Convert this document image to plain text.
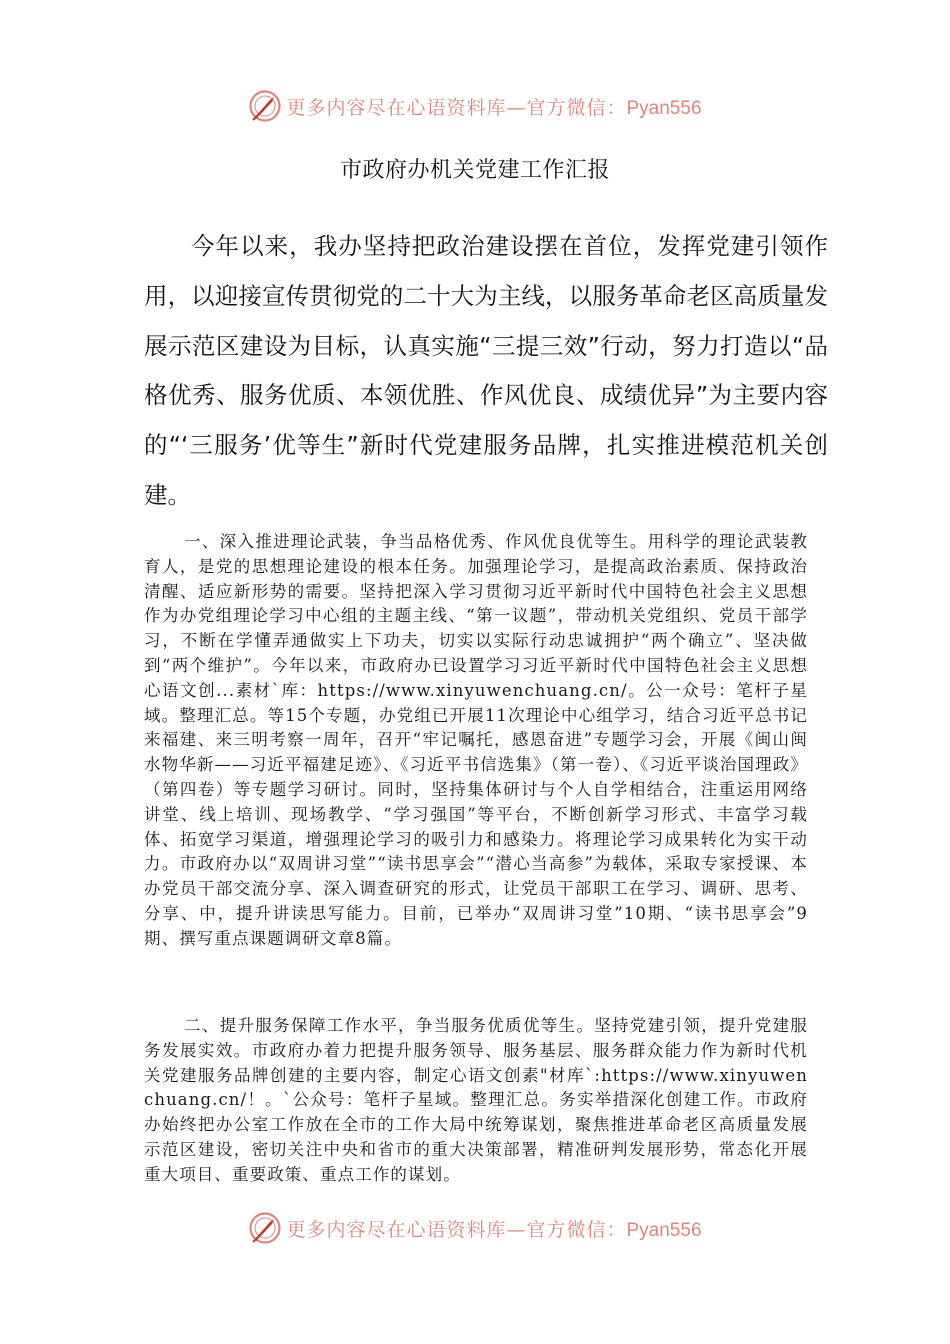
更多内容尽在心语资料库—官方微信：Pyan556
市政府办机关党建工作汇报

今年以来，我办坚持把政治建设摆在首位，发挥党建引领作用，以迎接宣传贯彻党的二十大为主线，以服务革命老区高质量发展示范区建设为目标，认真实施“三提三效”行动，努力打造以“品格优秀、服务优质、本领优胜、作风优良、成绩优异”为主要内容的“‘三服务’优等生”新时代党建服务品牌，扎实推进模范机关创建。

一、深入推进理论武装，争当品格优秀、作风优良优等生。用科学的理论武装教育人，是党的思想理论建设的根本任务。加强理论学习，是提高政治素质、保持政治清醒、适应新形势的需要。坚持把深入学习贯彻习近平新时代中国特色社会主义思想作为办党组理论学习中心组的主题主线、“第一议题”，带动机关党组织、党员干部学习，不断在学懂弄通做实上下功夫，切实以实际行动忠诚拥护“两个确立”、坚决做到“两个维护”。今年以来，市政府办已设置学习习近平新时代中国特色社会主义思想心语文创...素材`库：https://www.xinyuwenchuang.cn/。公一众号：笔杆子星域。整理汇总。等15个专题，办党组已开展11次理论中心组学习，结合习近平总书记来福建、来三明考察一周年，召开“牢记嘱托，感恩奋进”专题学习会，开展《闽山闽水物华新——习近平福建足迹》、《习近平书信选集》（第一卷）、《习近平谈治国理政》（第四卷）等专题学习研讨。同时，坚持集体研讨与个人自学相结合，注重运用网络讲堂、线上培训、现场教学、“学习强国”等平台，不断创新学习形式、丰富学习载体、拓宽学习渠道，增强理论学习的吸引力和感染力。将理论学习成果转化为实干动力。市政府办以“双周讲习堂”“读书思享会”“潜心当高参”为载体，采取专家授课、本办党员干部交流分享、深入调查研究的形式，让党员干部职工在学习、调研、思考、分享、中，提升讲读思写能力。目前，已举办“双周讲习堂”10期、“读书思享会”9期、撰写重点课题调研文章8篇。

二、提升服务保障工作水平，争当服务优质优等生。坚持党建引领，提升党建服务发展实效。市政府办着力把提升服务领导、服务基层、服务群众能力作为新时代机关党建服务品牌创建的主要内容，制定心语文创素"材库`:https://www.xinyuwenchuang.cn/！。`公众号：笔杆子星域。整理汇总。务实举措深化创建工作。市政府办始终把办公室工作放在全市的工作大局中统筹谋划，聚焦推进革命老区高质量发展示范区建设，密切关注中央和省市的重大决策部署，精准研判发展形势，常态化开展重大项目、重要政策、重点工作的谋划。

更多内容尽在心语资料库—官方微信：Pyan556
